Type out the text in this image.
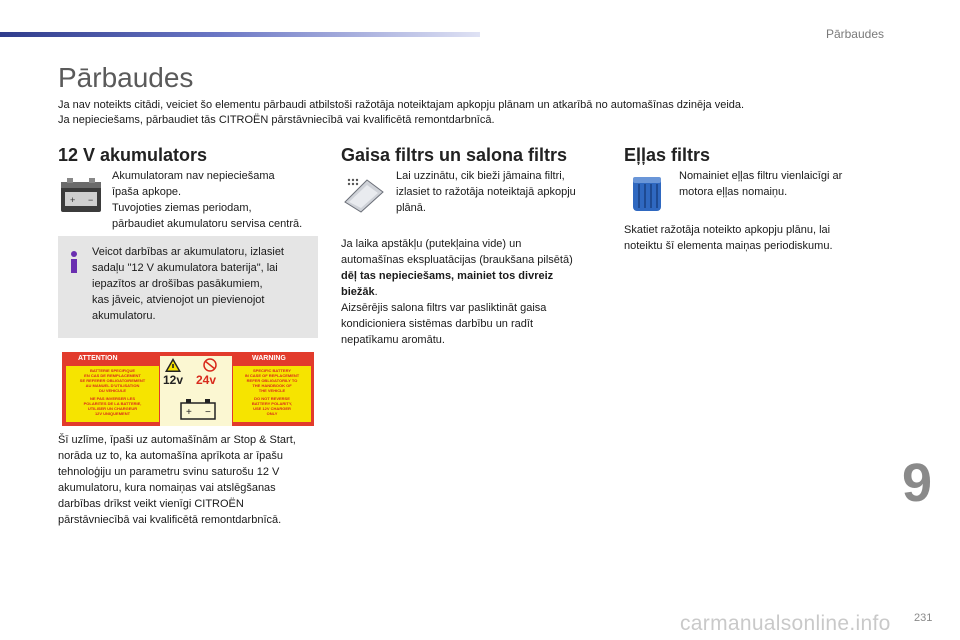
Pārbaudes
Pārbaudes
Ja nav noteikts citādi, veiciet šo elementu pārbaudi atbilstoši ražotāja noteiktajam apkopju plānam un atkarībā no automašīnas dzinēja veida.
Ja nepieciešams, pārbaudiet tās CITROËN pārstāvniecībā vai kvalificētā remontdarbnīcā.
12 V akumulators
+ −
Akumulatoram nav nepieciešama
īpaša apkope.
Tuvojoties ziemas periodam,
pārbaudiet akumulatoru servisa centrā.
Veicot darbības ar akumulatoru, izlasiet
sadaļu "12 V akumulatora baterija", lai
iepazītos ar drošības pasākumiem,
kas jāveic, atvienojot un pievienojot
akumulatoru.
ATTENTION	WARNING
12v 24v
+ −
BATTERIE SPECIFIQUE
EN CAS DE REMPLACEMENT
SE REFERER OBLIGATOIREMENT
AU MANUEL D'UTILISATION
DU VEHICULE
NE PAS INVERSER LES
POLARITES DE LA BATTERIE,
UTILISER UN CHARGEUR
12V UNIQUEMENT
SPECIFIC BATTERY
IN CASE OF REPLACEMENT
REFER OBLIGATORILY TO
THE HANDBOOK OF
THE VEHICLE
DO NOT REVERSE
BATTERY POLARITY,
USE 12V CHARGER
ONLY
Šī uzlīme, īpaši uz automašīnām ar Stop & Start,
norāda uz to, ka automašīna aprīkota ar īpašu
tehnoloģiju un parametru svinu saturošu 12 V
akumulatoru, kura nomaiņas vai atslēgšanas
darbības drīkst veikt vienīgi CITROËN
pārstāvniecībā vai kvalificētā remontdarbnīcā.
Gaisa filtrs un salona filtrs
Lai uzzinātu, cik bieži jāmaina filtri,
izlasiet to ražotāja noteiktajā apkopju
plānā.
Ja laika apstākļu (putekļaina vide) un
automašīnas ekspluatācijas (braukšana pilsētā)
dēļ tas nepieciešams, mainiet tos divreiz
biežāk.
Aizsērējis salona filtrs var pasliktināt gaisa
kondicioniera sistēmas darbību un radīt
nepatīkamu aromātu.
Eļļas filtrs
Nomainiet eļļas filtru vienlaicīgi ar
motora eļļas nomaiņu.
Skatiet ražotāja noteikto apkopju plānu, lai
noteiktu šī elementa maiņas periodiskumu.
9
carmanualsonline.info 231
